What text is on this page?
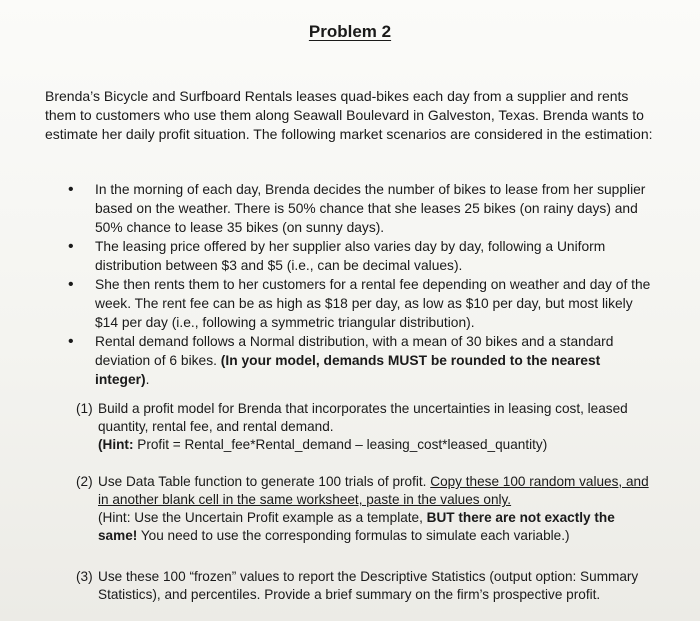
Problem 2
Brenda’s Bicycle and Surfboard Rentals leases quad-bikes each day from a supplier and rents them to customers who use them along Seawall Boulevard in Galveston, Texas. Brenda wants to estimate her daily profit situation. The following market scenarios are considered in the estimation:
• In the morning of each day, Brenda decides the number of bikes to lease from her supplier based on the weather. There is 50% chance that she leases 25 bikes (on rainy days) and 50% chance to lease 35 bikes (on sunny days).
• The leasing price offered by her supplier also varies day by day, following a Uniform distribution between $3 and $5 (i.e., can be decimal values).
• She then rents them to her customers for a rental fee depending on weather and day of the week. The rent fee can be as high as $18 per day, as low as $10 per day, but most likely $14 per day (i.e., following a symmetric triangular distribution).
• Rental demand follows a Normal distribution, with a mean of 30 bikes and a standard deviation of 6 bikes. (In your model, demands MUST be rounded to the nearest integer).
(1) Build a profit model for Brenda that incorporates the uncertainties in leasing cost, leased quantity, rental fee, and rental demand.
(Hint: Profit = Rental_fee*Rental_demand – leasing_cost*leased_quantity)
(2) Use Data Table function to generate 100 trials of profit. Copy these 100 random values, and in another blank cell in the same worksheet, paste in the values only.
(Hint: Use the Uncertain Profit example as a template, BUT there are not exactly the same! You need to use the corresponding formulas to simulate each variable.)
(3) Use these 100 “frozen” values to report the Descriptive Statistics (output option: Summary Statistics), and percentiles. Provide a brief summary on the firm’s prospective profit.
